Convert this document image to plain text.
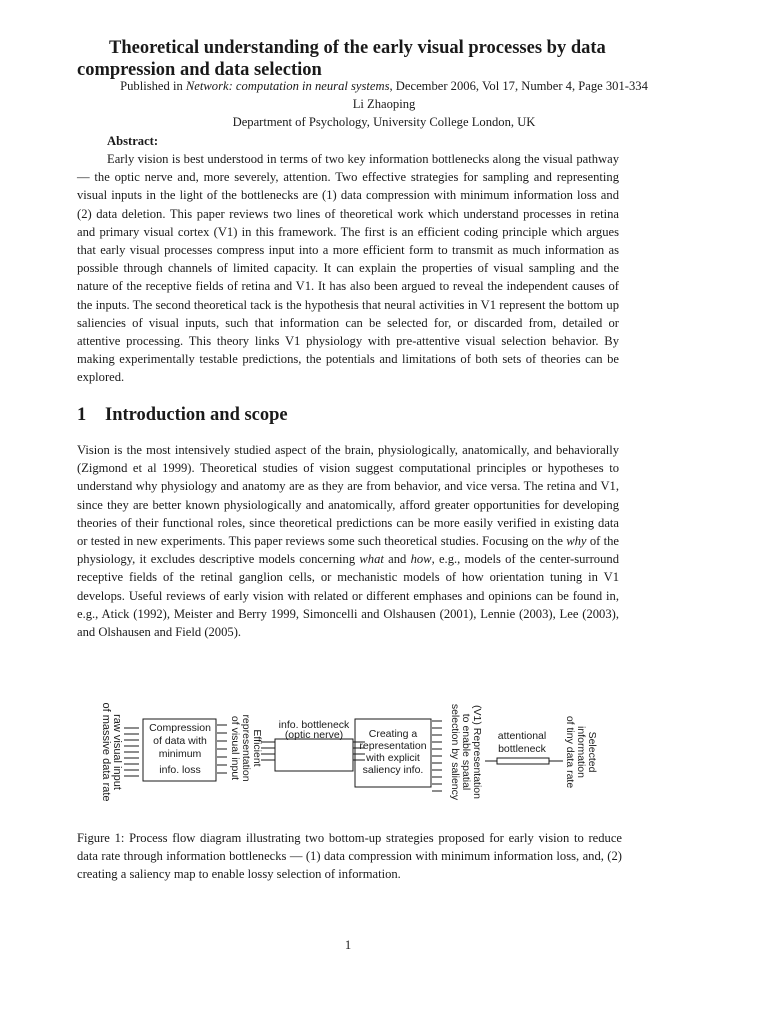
Theoretical understanding of the early visual processes by data
compression and data selection
Published in Network: computation in neural systems, December 2006, Vol 17, Number 4, Page 301-334
Li Zhaoping
Department of Psychology, University College London, UK
Abstract:

Early vision is best understood in terms of two key information bottlenecks along the visual pathway — the optic nerve and, more severely, attention. Two effective strategies for sampling and representing visual inputs in the light of the bottlenecks are (1) data compression with minimum information loss and (2) data deletion. This paper reviews two lines of theoretical work which understand processes in retina and primary visual cortex (V1) in this framework. The first is an efficient coding principle which argues that early visual processes compress input into a more efficient form to transmit as much information as possible through channels of limited capacity. It can explain the properties of visual sampling and the nature of the receptive fields of retina and V1. It has also been argued to reveal the independent causes of the inputs. The second theoretical tack is the hypothesis that neural activities in V1 represent the bottom up saliencies of visual inputs, such that information can be selected for, or discarded from, detailed or attentive processing. This theory links V1 physiology with pre-attentive visual selection behavior. By making experimentally testable predictions, the potentials and limitations of both sets of theories can be explored.

1 Introduction and scope

Vision is the most intensively studied aspect of the brain, physiologically, anatomically, and behaviorally (Zigmond et al 1999). Theoretical studies of vision suggest computational principles or hypotheses to understand why physiology and anatomy are as they are from behavior, and vice versa. The retina and V1, since they are better known physiologically and anatomically, afford greater opportunities for developing theories of their functional roles, since theoretical predictions can be more easily verified in existing data or tested in new experiments. This paper reviews some such theoretical studies. Focusing on the why of the physiology, it excludes descriptive models concerning what and how, e.g., models of the center-surround receptive fields of the retinal ganglion cells, or mechanistic models of how orientation tuning in V1 develops. Useful reviews of early vision with related or different emphases and opinions can be found in, e.g., Atick (1992), Meister and Berry 1999, Simoncelli and Olshausen (2001), Lennie (2003), Lee (2003), and Olshausen and Field (2005).

raw visual input
of massive data rate	Compression
of data with
minimum
info. loss
Efficient
representation
of visual input	info. bottleneck
(optic nerve) Creating a
representation
with explicit
saliency info.	(V1) Representation
to enable spatial
selection by saliency	attentional
bottleneck	Selected
information
of tiny data rate

Figure 1: Process flow diagram illustrating two bottom-up strategies proposed for early vision to reduce data rate through information bottlenecks — (1) data compression with minimum information loss, and, (2) creating a saliency map to enable lossy selection of information.

1
